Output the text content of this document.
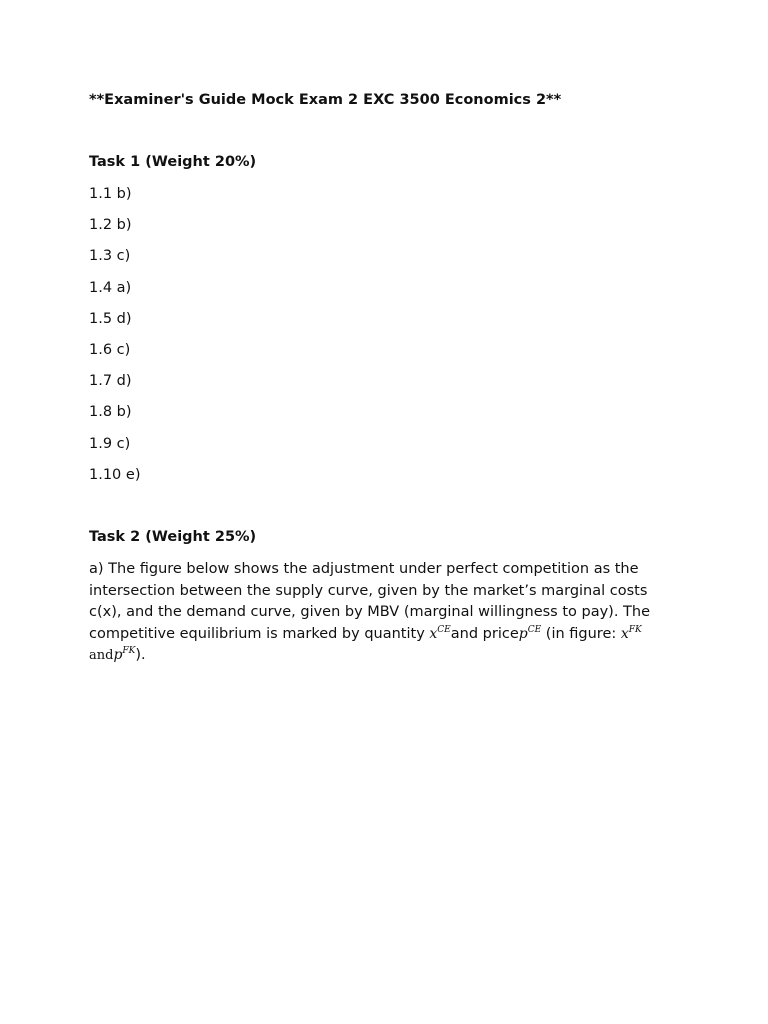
**Examiner's Guide Mock Exam 2 EXC 3500 Economics 2**

Task 1 (Weight 20%)

1.1 b)
1.2 b)
1.3 c)
1.4 a)
1.5 d)
1.6 c)
1.7 d)
1.8 b)
1.9 c)
1.10 e)

Task 2 (Weight 25%)

a) The figure below shows the adjustment under perfect competition as the intersection between the supply curve, given by the market’s marginal costs c(x), and the demand curve, given by MBV (marginal willingness to pay). The competitive equilibrium is marked by quantity $x^{CE}and$ pricep$^{CE}$ (in figure: $x^{FK}$
andp$^{FK}$).
